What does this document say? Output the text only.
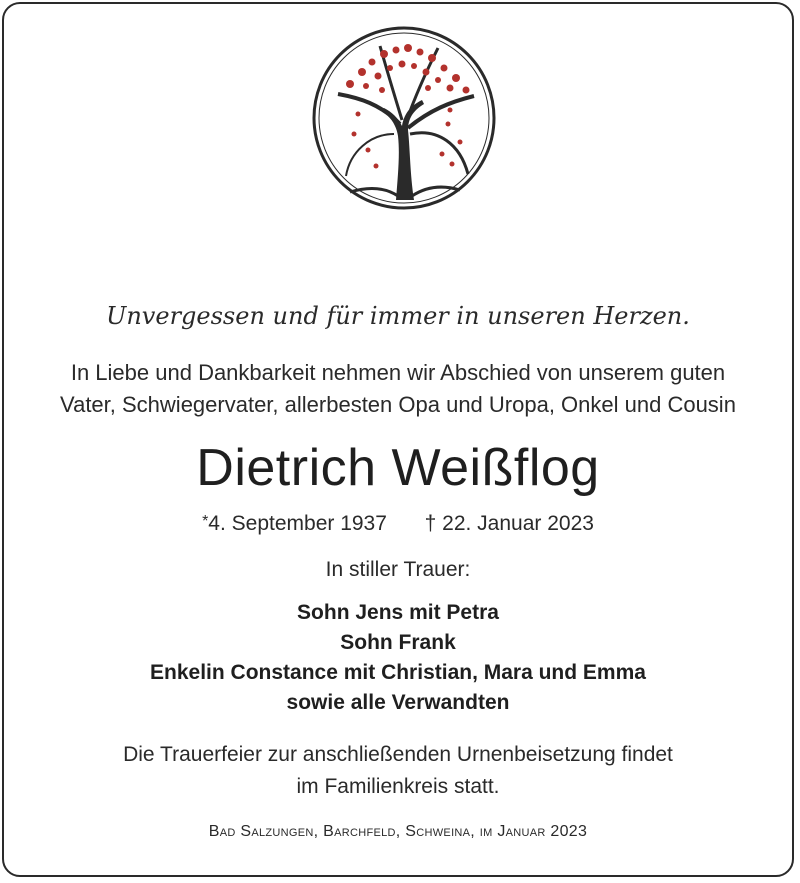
Unvergessen und für immer in unseren Herzen.
In Liebe und Dankbarkeit nehmen wir Abschied von unserem guten
Vater, Schwiegervater, allerbesten Opa und Uropa, Onkel und Cousin
Dietrich Weißflog
*4. September 1937 † 22. Januar 2023
In stiller Trauer:
Sohn Jens mit Petra
Sohn Frank
Enkelin Constance mit Christian, Mara und Emma
sowie alle Verwandten
Die Trauerfeier zur anschließenden Urnenbeisetzung findet
im Familienkreis statt.
Bad Salzungen, Barchfeld, Schweina, im Januar 2023
